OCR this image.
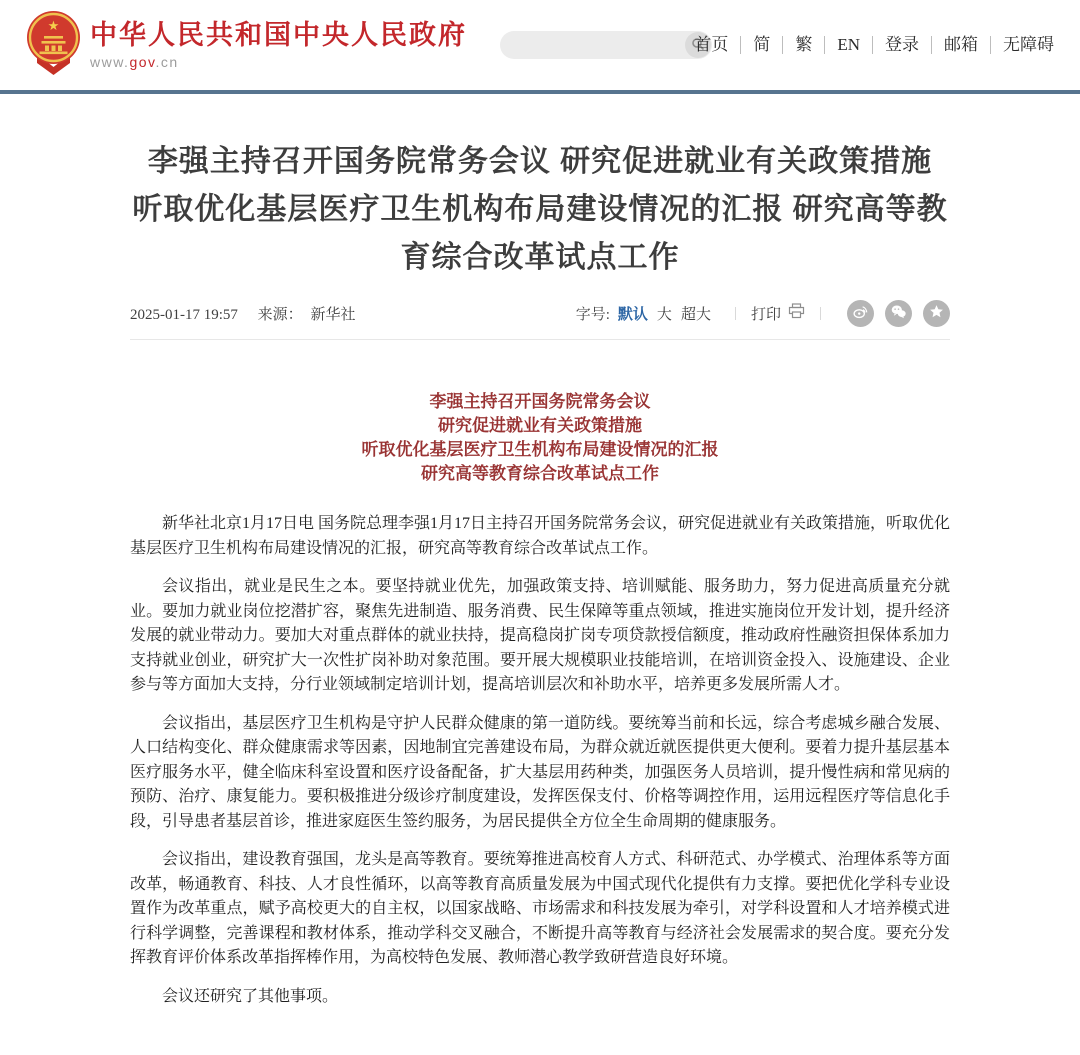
★ 中华人民共和国中央人民政府
www.gov.cn
首页	简	繁	EN	登录	邮箱	无障碍
李强主持召开国务院常务会议 研究促进就业有关政策措施 听取优化基层医疗卫生机构布局建设情况的汇报 研究高等教育综合改革试点工作
2025-01-17 19:57 来源： 新华社	字号: 默认 大 超大 |	打印
|
李强主持召开国务院常务会议
研究促进就业有关政策措施
听取优化基层医疗卫生机构布局建设情况的汇报
研究高等教育综合改革试点工作

新华社北京1月17日电 国务院总理李强1月17日主持召开国务院常务会议，研究促进就业有关政策措施，听取优化基层医疗卫生机构布局建设情况的汇报，研究高等教育综合改革试点工作。

会议指出，就业是民生之本。要坚持就业优先，加强政策支持、培训赋能、服务助力，努力促进高质量充分就业。要加力就业岗位挖潜扩容，聚焦先进制造、服务消费、民生保障等重点领域，推进实施岗位开发计划，提升经济发展的就业带动力。要加大对重点群体的就业扶持，提高稳岗扩岗专项贷款授信额度，推动政府性融资担保体系加力支持就业创业，研究扩大一次性扩岗补助对象范围。要开展大规模职业技能培训，在培训资金投入、设施建设、企业参与等方面加大支持，分行业领域制定培训计划，提高培训层次和补助水平，培养更多发展所需人才。

会议指出，基层医疗卫生机构是守护人民群众健康的第一道防线。要统筹当前和长远，综合考虑城乡融合发展、人口结构变化、群众健康需求等因素，因地制宜完善建设布局，为群众就近就医提供更大便利。要着力提升基层基本医疗服务水平，健全临床科室设置和医疗设备配备，扩大基层用药种类，加强医务人员培训，提升慢性病和常见病的预防、治疗、康复能力。要积极推进分级诊疗制度建设，发挥医保支付、价格等调控作用，运用远程医疗等信息化手段，引导患者基层首诊，推进家庭医生签约服务，为居民提供全方位全生命周期的健康服务。

会议指出，建设教育强国，龙头是高等教育。要统筹推进高校育人方式、科研范式、办学模式、治理体系等方面改革，畅通教育、科技、人才良性循环，以高等教育高质量发展为中国式现代化提供有力支撑。要把优化学科专业设置作为改革重点，赋予高校更大的自主权，以国家战略、市场需求和科技发展为牵引，对学科设置和人才培养模式进行科学调整，完善课程和教材体系，推动学科交叉融合，不断提升高等教育与经济社会发展需求的契合度。要充分发挥教育评价体系改革指挥棒作用，为高校特色发展、教师潜心教学致研营造良好环境。

会议还研究了其他事项。
